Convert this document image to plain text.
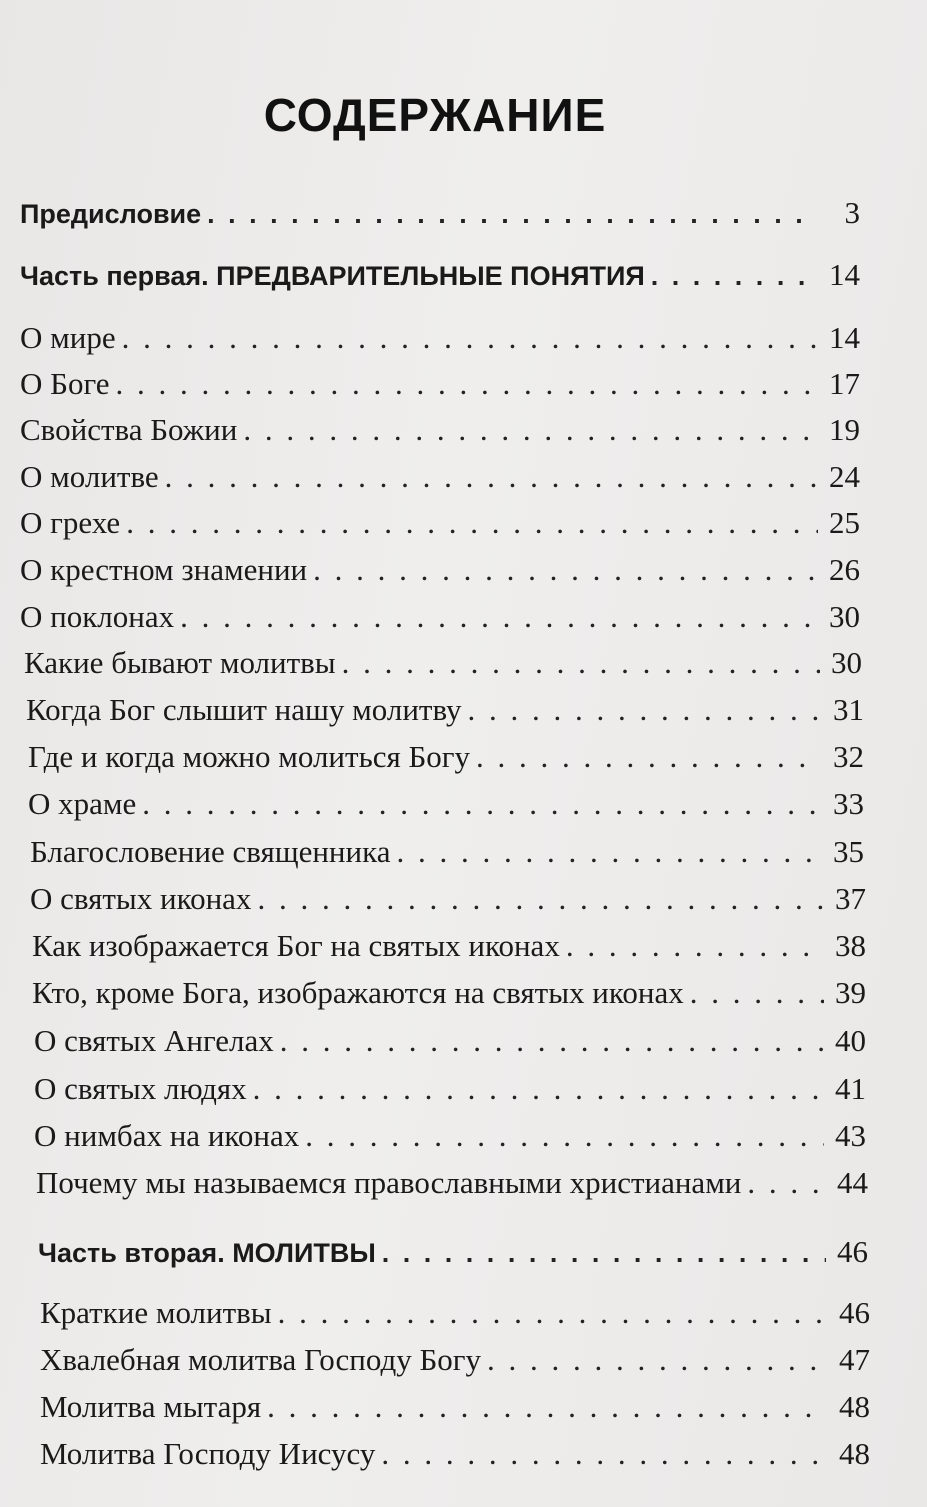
СОДЕРЖАНИЕ
Предисловие . . .	3
Часть первая. ПРЕДВАРИТЕЛЬНЫЕ ПОНЯТИЯ . . .	14
О мире . . .	14
О Боге . . .	17
Свойства Божии . . .	19
О молитве . . .	24
О грехе . . .	25
О крестном знамении . . .	26
О поклонах . . .	30
Какие бывают молитвы . . .	30
Когда Бог слышит нашу молитву . . .	31
Где и когда можно молиться Богу . . .	32
О храме . . .	33
Благословение священника . . .	35
О святых иконах . . .	37
Как изображается Бог на святых иконах . . .	38
Кто, кроме Бога, изображаются на святых иконах . . .	39
О святых Ангелах . . .	40
О святых людях . . .	41
О нимбах на иконах . . .	43
Почему мы называемся православными христианами . . .	44
Часть вторая. МОЛИТВЫ . . .	46
Краткие молитвы . . .	46
Хвалебная молитва Господу Богу . . .	47
Молитва мытаря . . .	48
Молитва Господу Иисусу . . .	48
